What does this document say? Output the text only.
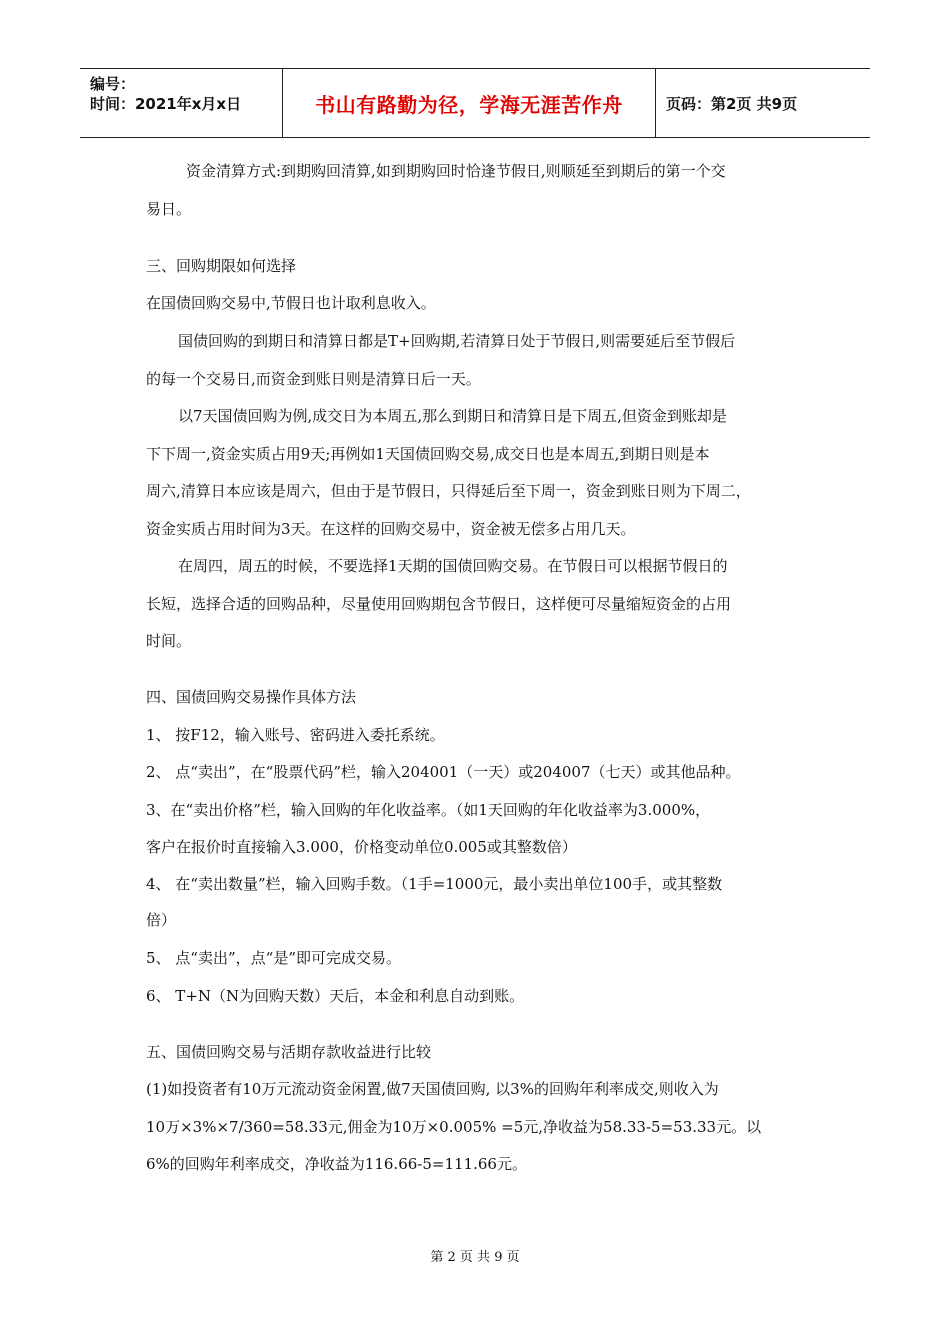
编号：
时间：2021年x月x日	书山有路勤为径，学海无涯苦作舟	页码：第2页 共9页
资金清算方式:到期购回清算,如到期购回时恰逢节假日,则顺延至到期后的第一个交
易日。
三、回购期限如何选择
在国债回购交易中,节假日也计取利息收入。
国债回购的到期日和清算日都是T+回购期,若清算日处于节假日,则需要延后至节假后
的每一个交易日,而资金到账日则是清算日后一天。
以7天国债回购为例,成交日为本周五,那么到期日和清算日是下周五,但资金到账却是
下下周一,资金实质占用9天;再例如1天国债回购交易,成交日也是本周五,到期日则是本
周六,清算日本应该是周六，但由于是节假日，只得延后至下周一，资金到账日则为下周二，
资金实质占用时间为3天。在这样的回购交易中，资金被无偿多占用几天。
在周四，周五的时候，不要选择1天期的国债回购交易。在节假日可以根据节假日的
长短，选择合适的回购品种，尽量使用回购期包含节假日，这样便可尽量缩短资金的占用
时间。
四、国债回购交易操作具体方法
1、 按F12，输入账号、密码进入委托系统。
2、 点“卖出”，在“股票代码”栏，输入204001（一天）或204007（七天）或其他品种。
3、在“卖出价格”栏，输入回购的年化收益率。（如1天回购的年化收益率为3.000%，
客户在报价时直接输入3.000，价格变动单位0.005或其整数倍）
4、 在“卖出数量”栏，输入回购手数。（1手=1000元，最小卖出单位100手，或其整数
倍）
5、 点“卖出”，点“是”即可完成交易。
6、 T+N（N为回购天数）天后，本金和利息自动到账。
五、国债回购交易与活期存款收益进行比较
(1)如投资者有10万元流动资金闲置,做7天国债回购, 以3%的回购年利率成交,则收入为
10万×3%×7/360=58.33元,佣金为10万×0.005% =5元,净收益为58.33-5=53.33元。以
6%的回购年利率成交，净收益为116.66-5=111.66元。
第 2 页 共 9 页
